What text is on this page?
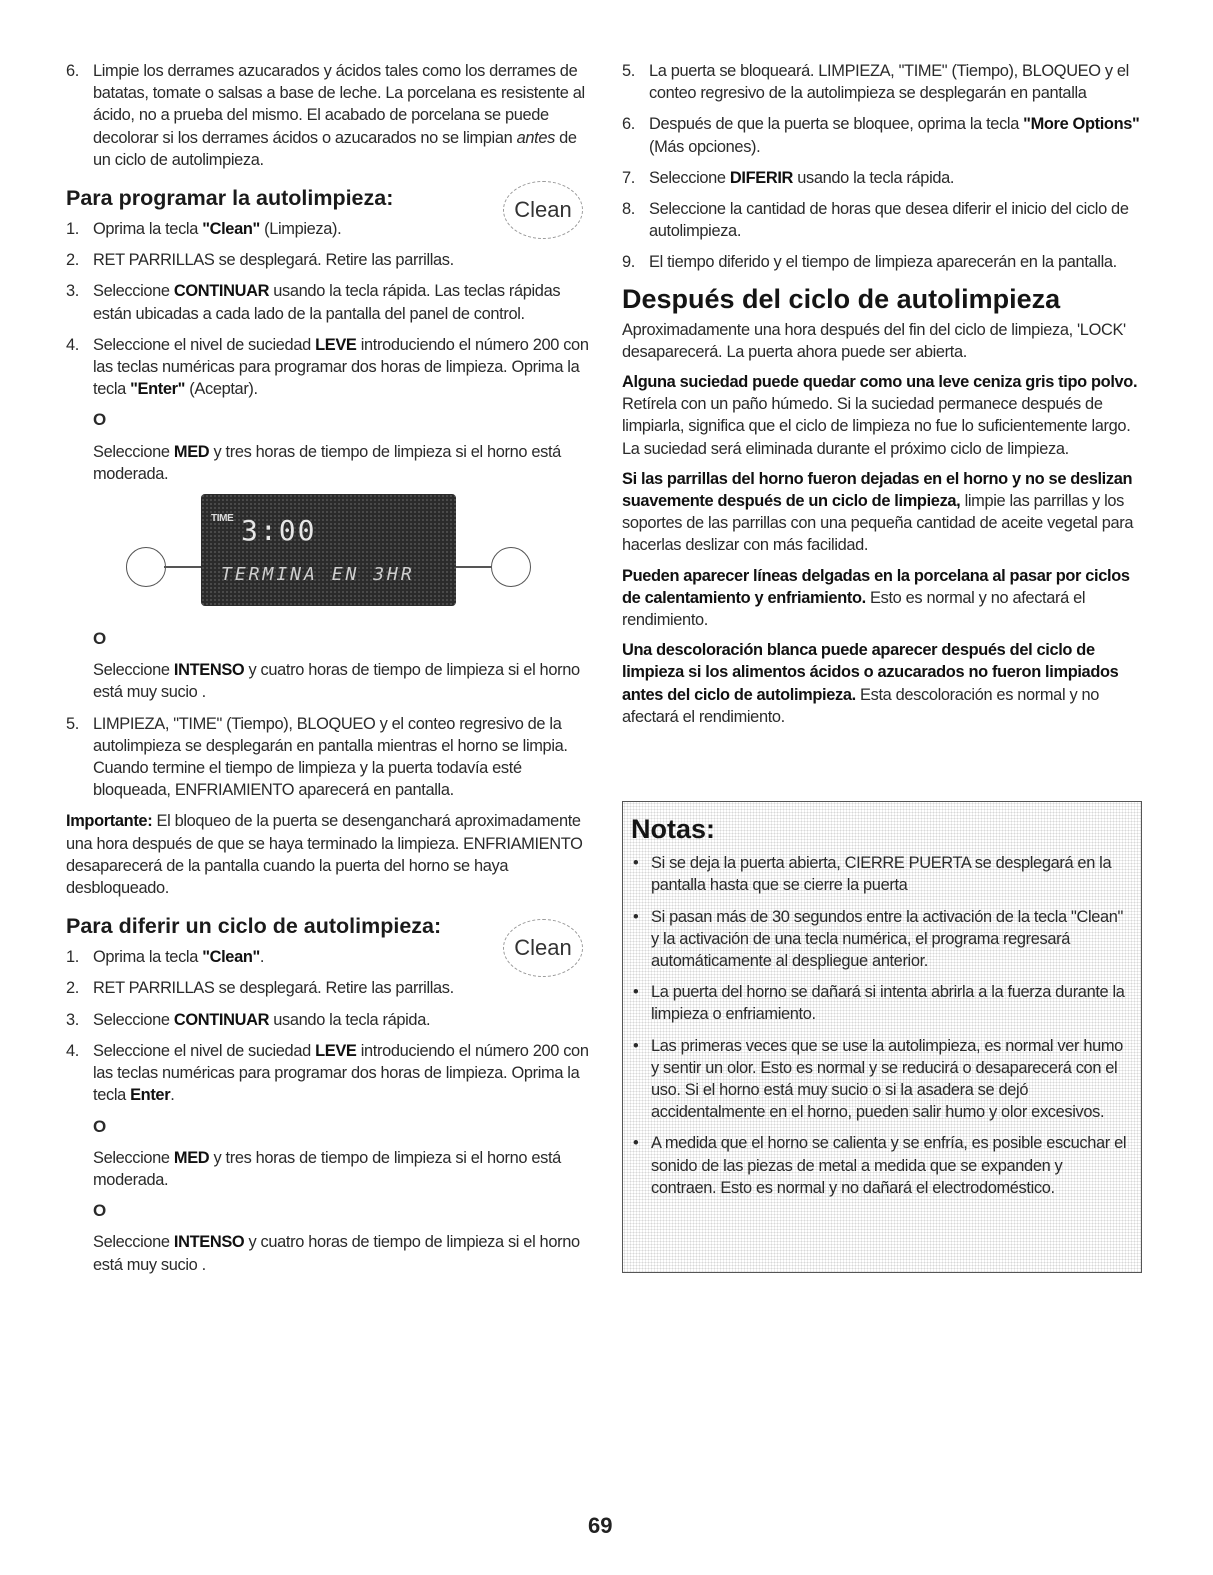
6. Limpie los derrames azucarados y ácidos tales como los derrames de batatas, tomate o salsas a base de leche. La porcelana es resistente al ácido, no a prueba del mismo. El acabado de porcelana se puede decolorar si los derrames ácidos o azucarados no se limpian antes de un ciclo de autolimpieza.
Para programar la autolimpieza:	Clean
1. Oprima la tecla "Clean" (Limpieza).
2. RET PARRILLAS se desplegará. Retire las parrillas.
3. Seleccione CONTINUAR usando la tecla rápida. Las teclas rápidas están ubicadas a cada lado de la pantalla del panel de control.
4. Seleccione el nivel de suciedad LEVE introduciendo el número 200 con las teclas numéricas para programar dos horas de limpieza. Oprima la tecla "Enter" (Aceptar).
O
Seleccione MED y tres horas de tiempo de limpieza si el horno está moderada.
TIME 3:00
TERMINA EN 3HR
O
Seleccione INTENSO y cuatro horas de tiempo de limpieza si el horno está muy sucio .
5. LIMPIEZA, "TIME" (Tiempo), BLOQUEO y el conteo regresivo de la autolimpieza se desplegarán en pantalla mientras el horno se limpia. Cuando termine el tiempo de limpieza y la puerta todavía esté bloqueada, ENFRIAMIENTO aparecerá en pantalla.
Importante: El bloqueo de la puerta se desenganchará aproximadamente una hora después de que se haya terminado la limpieza. ENFRIAMIENTO desaparecerá de la pantalla cuando la puerta del horno se haya desbloqueado.
Para diferir un ciclo de autolimpieza:
Clean
1. Oprima la tecla "Clean".
2. RET PARRILLAS se desplegará. Retire las parrillas.
3. Seleccione CONTINUAR usando la tecla rápida.
4. Seleccione el nivel de suciedad LEVE introduciendo el número 200 con las teclas numéricas para programar dos horas de limpieza. Oprima la tecla Enter.
O
Seleccione MED y tres horas de tiempo de limpieza si el horno está moderada.
O
Seleccione INTENSO y cuatro horas de tiempo de limpieza si el horno está muy sucio .
5. La puerta se bloqueará. LIMPIEZA, "TIME" (Tiempo), BLOQUEO y el conteo regresivo de la autolimpieza se desplegarán en pantalla
6. Después de que la puerta se bloquee, oprima la tecla "More Options" (Más opciones).
7. Seleccione DIFERIR usando la tecla rápida.
8. Seleccione la cantidad de horas que desea diferir el inicio del ciclo de autolimpieza.
9. El tiempo diferido y el tiempo de limpieza aparecerán en la pantalla.
Después del ciclo de autolimpieza
Aproximadamente una hora después del fin del ciclo de limpieza, 'LOCK' desaparecerá. La puerta ahora puede ser abierta.
Alguna suciedad puede quedar como una leve ceniza gris tipo polvo. Retírela con un paño húmedo. Si la suciedad permanece después de limpiarla, significa que el ciclo de limpieza no fue lo suficientemente largo. La suciedad será eliminada durante el próximo ciclo de limpieza.
Si las parrillas del horno fueron dejadas en el horno y no se deslizan suavemente después de un ciclo de limpieza, limpie las parrillas y los soportes de las parrillas con una pequeña cantidad de aceite vegetal para hacerlas deslizar con más facilidad.
Pueden aparecer líneas delgadas en la porcelana al pasar por ciclos de calentamiento y enfriamiento. Esto es normal y no afectará el rendimiento.
Una descoloración blanca puede aparecer después del ciclo de limpieza si los alimentos ácidos o azucarados no fueron limpiados antes del ciclo de autolimpieza. Esta descoloración es normal y no afectará el rendimiento.
Notas:
• Si se deja la puerta abierta, CIERRE PUERTA se desplegará en la pantalla hasta que se cierre la puerta
• Si pasan más de 30 segundos entre la activación de la tecla "Clean" y la activación de una tecla numérica, el programa regresará automáticamente al despliegue anterior.
• La puerta del horno se dañará si intenta abrirla a la fuerza durante la limpieza o enfriamiento.
• Las primeras veces que se use la autolimpieza, es normal ver humo y sentir un olor. Esto es normal y se reducirá o desaparecerá con el uso. Si el horno está muy sucio o si la asadera se dejó accidentalmente en el horno, pueden salir humo y olor excesivos.
• A medida que el horno se calienta y se enfría, es posible escuchar el sonido de las piezas de metal a medida que se expanden y contraen. Esto es normal y no dañará el electrodoméstico.
69
